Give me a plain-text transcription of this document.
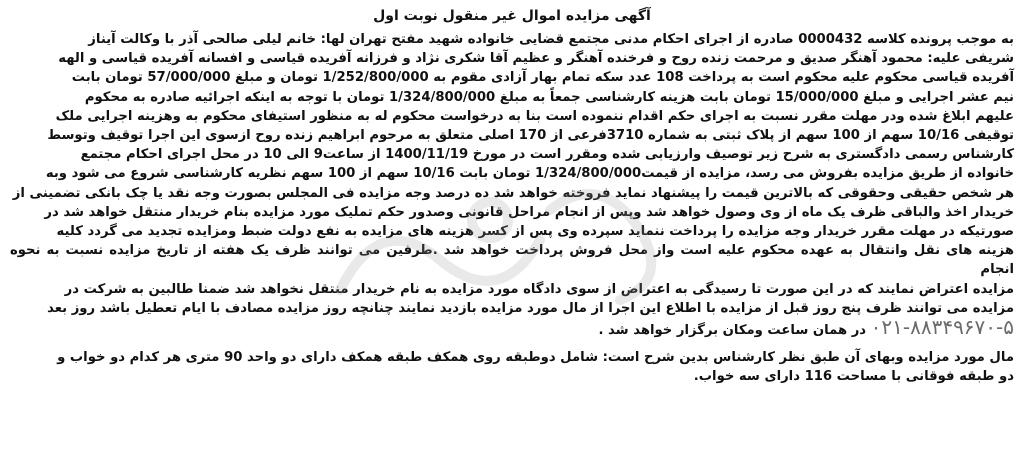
آگهی مزایده اموال غیر منقول نوبت اول
به موجب پرونده کلاسه 0000432 صادره از اجرای احکام مدنی مجتمع قضایی خانواده شهید مفتح تهران لها: خانم لیلی صالحی آذر با وکالت آیناز
شریفی علیه: محمود آهنگر صدیق و مرحمت زنده روح و فرخنده آهنگر و عظیم آقا شکری نژاد و فرزانه آفریده قیاسی و افسانه آفریده قیاسی و الهه
آفریده قیاسی محکوم علیه محکوم است به پرداخت 108 عدد سکه تمام بهار آزادی مقوم به 1/252/800/000 تومان و مبلغ 57/000/000 تومان بابت
نیم عشر اجرایی و مبلغ 15/000/000 تومان بابت هزینه کارشناسی جمعاً به مبلغ 1/324/800/000 تومان با توجه به اینکه اجرائیه صادره به محکوم
علیهم ابلاغ شده ودر مهلت مقرر نسبت به اجرای حکم اقدام ننموده است بنا به درخواست محکوم له به منظور استیفای محکوم به وهزینه اجرایی ملک
توقیفی 10/16 سهم از 100 سهم از پلاک ثبتی به شماره 3710فرعی از 170 اصلی متعلق به مرحوم ابراهیم زنده روح ازسوی این اجرا توقیف وتوسط
کارشناس رسمی دادگستری به شرح زیر توصیف وارزیابی شده ومقرر است در مورخ 1400/11/19 از ساعت9 الی 10 در محل اجرای احکام مجتمع
خانواده از طریق مزایده بفروش می رسد، مزایده از قیمت1/324/800/000 تومان بابت 10/16 سهم از 100 سهم نظریه کارشناسی شروع می شود وبه
هر شخص حقیقی وحقوقی که بالاترین قیمت را پیشنهاد نماید فروخته خواهد شد ده درصد وجه مزایده فی المجلس بصورت وجه نقد یا چک بانکی تضمینی از
خریدار اخذ والباقی ظرف یک ماه از وی وصول خواهد شد وپس از انجام مراحل قانونی وصدور حکم تملیک مورد مزایده بنام خریدار منتقل خواهد شد در
صورتیکه در مهلت مقرر خریدار وجه مزایده را پرداخت ننماید سپرده وی پس از کسر هزینه های مزایده به نفع دولت ضبط ومزایده تجدید می گردد کلیه
هزینه های نقل وانتقال به عهده محکوم علیه است واز محل فروش پرداخت خواهد شد .طرفین می توانند ظرف یک هفته از تاریخ مزایده نسبت به نحوه انجام
مزایده اعتراض نمایند که در این صورت تا رسیدگی به اعتراض از سوی دادگاه مورد مزایده به نام خریدار منتقل نخواهد شد ضمنا طالبین به شرکت در
مزایده می توانند ظرف پنج روز قبل از مزایده با اطلاع این اجرا از مال مورد مزایده بازدید نمایند چنانچه روز مزایده مصادف با ایام تعطیل باشد روز بعد
۰۲۱-۸۸۳۴۹۶۷۰-۵ در همان ساعت ومکان برگزار خواهد شد .
مال مورد مزایده وبهای آن طبق نظر کارشناس بدین شرح است: شامل دوطبقه روی همکف طبقه همکف دارای دو واحد 90 متری هر کدام دو خواب و
دو طبقه فوقانی با مساحت 116 دارای سه خواب.
